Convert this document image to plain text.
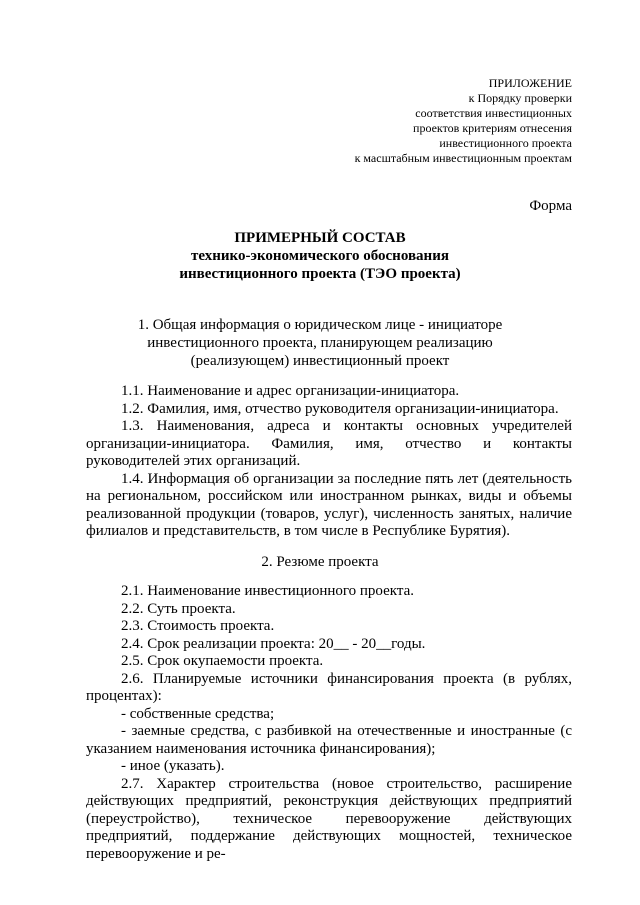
ПРИЛОЖЕНИЕ
к Порядку проверки
соответствия инвестиционных
проектов критериям отнесения
инвестиционного проекта
к масштабным инвестиционным проектам
Форма
ПРИМЕРНЫЙ СОСТАВ
технико-экономического обоснования
инвестиционного проекта (ТЭО проекта)
1. Общая информация о юридическом лице - инициаторе
инвестиционного проекта, планирующем реализацию
(реализующем) инвестиционный проект

1.1. Наименование и адрес организации-инициатора.

1.2. Фамилия, имя, отчество руководителя организации-инициатора.

1.3. Наименования, адреса и контакты основных учредителей организации-инициатора. Фамилия, имя, отчество и контакты руководителей этих организаций.

1.4. Информация об организации за последние пять лет (деятельность на региональном, российском или иностранном рынках, виды и объемы реализованной продукции (товаров, услуг), численность занятых, наличие филиалов и представительств, в том числе в Республике Бурятия).

2. Резюме проекта

2.1. Наименование инвестиционного проекта.

2.2. Суть проекта.

2.3. Стоимость проекта.

2.4. Срок реализации проекта: 20__ - 20__годы.

2.5. Срок окупаемости проекта.

2.6. Планируемые источники финансирования проекта (в рублях, процентах):

- собственные средства;

- заемные средства, с разбивкой на отечественные и иностранные (с указанием наименования источника финансирования);

- иное (указать).

2.7. Характер строительства (новое строительство, расширение действующих предприятий, реконструкция действующих предприятий (переустройство), техническое перевооружение действующих предприятий, поддержание действующих мощностей, техническое перевооружение и ре-
